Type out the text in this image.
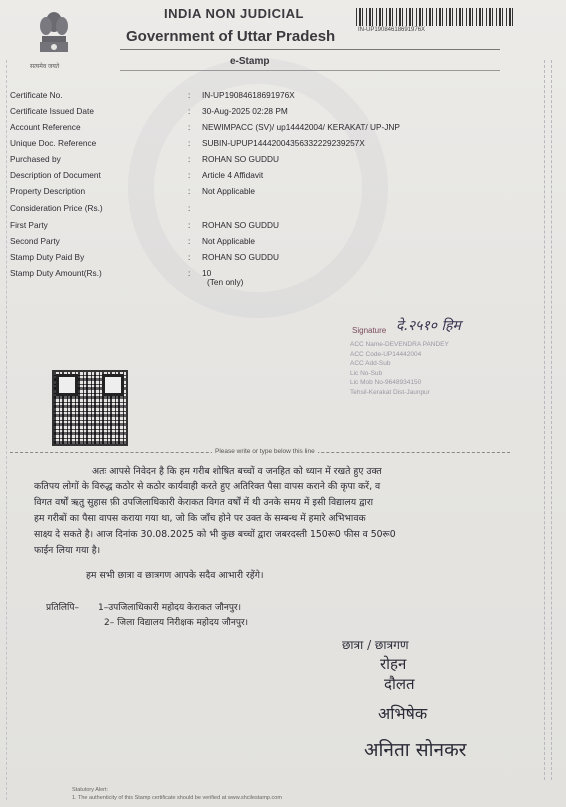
सत्यमेव जयते
INDIA NON JUDICIAL
Government of Uttar Pradesh
e-Stamp
IN-UP19084618691976X
Certificate No.	: IN-UP19084618691976X
Certificate Issued Date	: 30-Aug-2025 02:28 PM
Account Reference	: NEWIMPACC (SV)/ up14442004/ KERAKAT/ UP-JNP
Unique Doc. Reference	: SUBIN-UPUP14442004356332229239257X
Purchased by	: ROHAN SO GUDDU
Description of Document	: Article 4 Affidavit
Property Description	: Not Applicable
Consideration Price (Rs.)	:
First Party	: ROHAN SO GUDDU
Second Party	: Not Applicable
Stamp Duty Paid By	: ROHAN SO GUDDU
Stamp Duty Amount(Rs.)	: 10
(Ten only)
Signature दे.२५१० हिम
ACC Name-DEVENDRA PANDEY
ACC Code-UP14442004
ACC Add-Sub
Lic No-Sub
Lic Mob No-9648934150
Tehsil-Kerakat Dist-Jaunpur
Please write or type below this line
अतः आपसे निवेदन है कि हम गरीब शोषित बच्चों व जनहित को ध्यान में रखते हुए उक्त
कतिपय लोगों के विरुद्ध कठोर से कठोर कार्यवाही करते हुए अतिरिक्त पैसा वापस कराने की कृपा करें, व
विगत वर्षों ऋतु सुहास फ़ी उपजिलाधिकारी केराकत विगत वर्षों में थी उनके समय में इसी विद्यालय द्वारा
हम गरीबों का पैसा वापस कराया गया था, जो कि जाँच होने पर उक्त के सम्बन्ध में हमारे अभिभावक
साक्ष्य दे सकते है। आज दिनांक 30.08.2025 को भी कुछ बच्चों द्वारा जबरदस्ती 150रू0 फीस व 50रू0
फाईन लिया गया है।
हम सभी छात्रा व छात्रगण आपके सदैव आभारी रहेंगे।
प्रतिलिपि– 1–उपजिलाधिकारी महोदय केराकत जौनपुर।
2– जिला विद्यालय निरीक्षक महोदय जौनपुर।
छात्रा / छात्रगण
रोहन
दौलत
अभिषेक
अनिता सोनकर
Statutory Alert:
1. The authenticity of this Stamp certificate should be verified at www.shcilestamp.com
